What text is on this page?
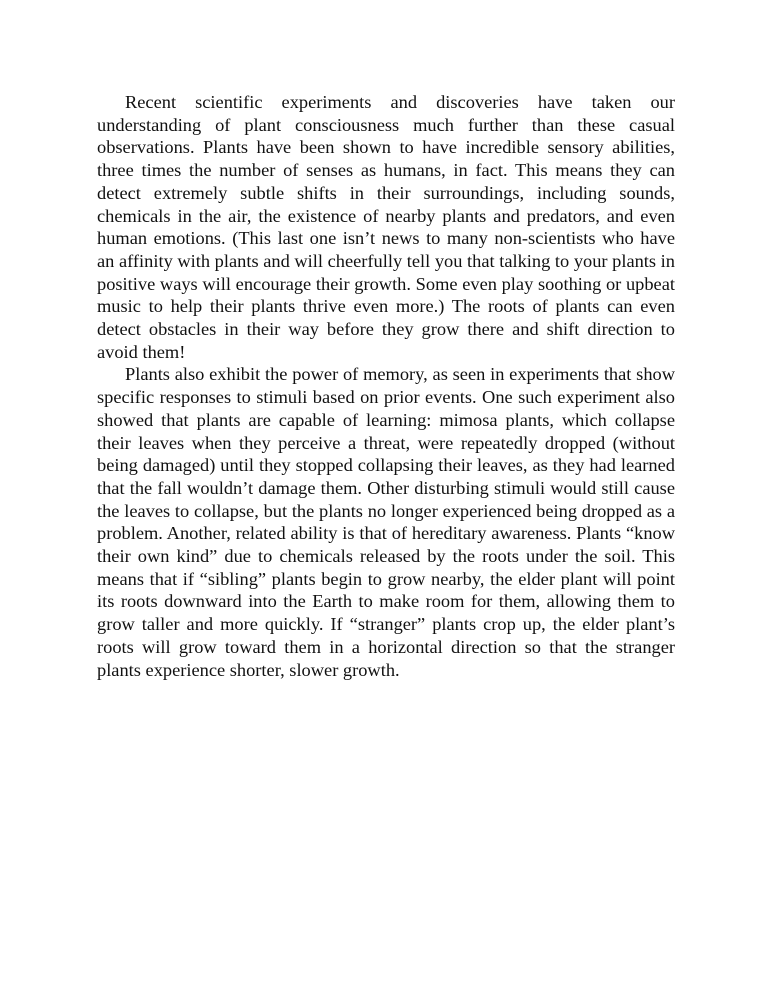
Recent scientific experiments and discoveries have taken our understanding of plant consciousness much further than these casual observations. Plants have been shown to have incredible sensory abilities, three times the number of senses as humans, in fact. This means they can detect extremely subtle shifts in their surroundings, including sounds, chemicals in the air, the existence of nearby plants and predators, and even human emotions. (This last one isn’t news to many non-scientists who have an affinity with plants and will cheerfully tell you that talking to your plants in positive ways will encourage their growth. Some even play soothing or upbeat music to help their plants thrive even more.) The roots of plants can even detect obstacles in their way before they grow there and shift direction to avoid them!

Plants also exhibit the power of memory, as seen in experiments that show specific responses to stimuli based on prior events. One such experiment also showed that plants are capable of learning: mimosa plants, which collapse their leaves when they perceive a threat, were repeatedly dropped (without being damaged) until they stopped collapsing their leaves, as they had learned that the fall wouldn’t damage them. Other disturbing stimuli would still cause the leaves to collapse, but the plants no longer experienced being dropped as a problem. Another, related ability is that of hereditary awareness. Plants “know their own kind” due to chemicals released by the roots under the soil. This means that if “sibling” plants begin to grow nearby, the elder plant will point its roots downward into the Earth to make room for them, allowing them to grow taller and more quickly. If “stranger” plants crop up, the elder plant’s roots will grow toward them in a horizontal direction so that the stranger plants experience shorter, slower growth.
